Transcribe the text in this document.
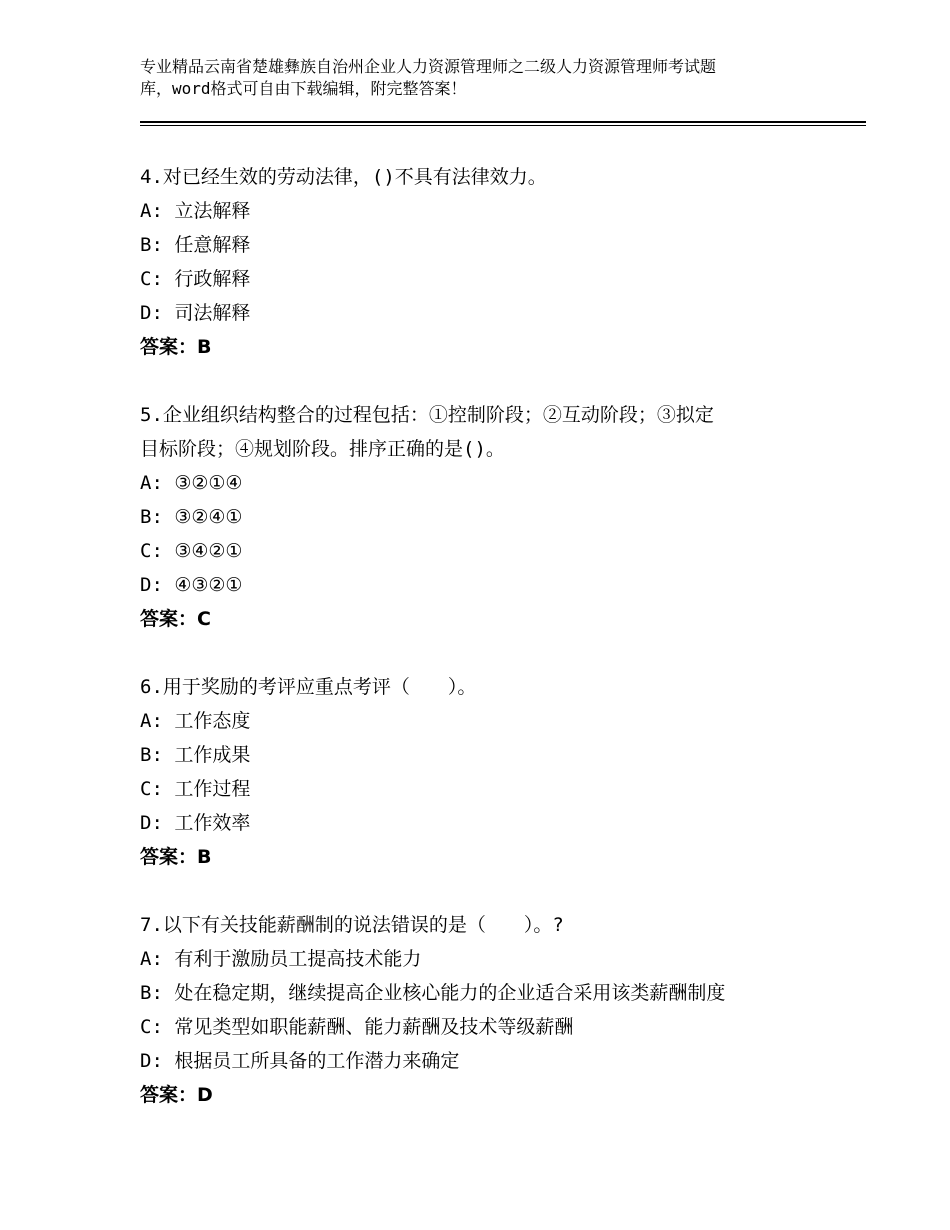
专业精品云南省楚雄彝族自治州企业人力资源管理师之二级人力资源管理师考试题
库，word格式可自由下载编辑，附完整答案！
4.对已经生效的劳动法律，()不具有法律效力。
A: 立法解释
B: 任意解释
C: 行政解释
D: 司法解释
答案：B
5.企业组织结构整合的过程包括：①控制阶段；②互动阶段；③拟定
目标阶段；④规划阶段。排序正确的是()。
A: ③②①④
B: ③②④①
C: ③④②①
D: ④③②①
答案：C
6.用于奖励的考评应重点考评（　　）。
A: 工作态度
B: 工作成果
C: 工作过程
D: 工作效率
答案：B
7.以下有关技能薪酬制的说法错误的是（　　）。?
A: 有利于激励员工提高技术能力
B: 处在稳定期，继续提高企业核心能力的企业适合采用该类薪酬制度
C: 常见类型如职能薪酬、能力薪酬及技术等级薪酬
D: 根据员工所具备的工作潜力来确定
答案：D
